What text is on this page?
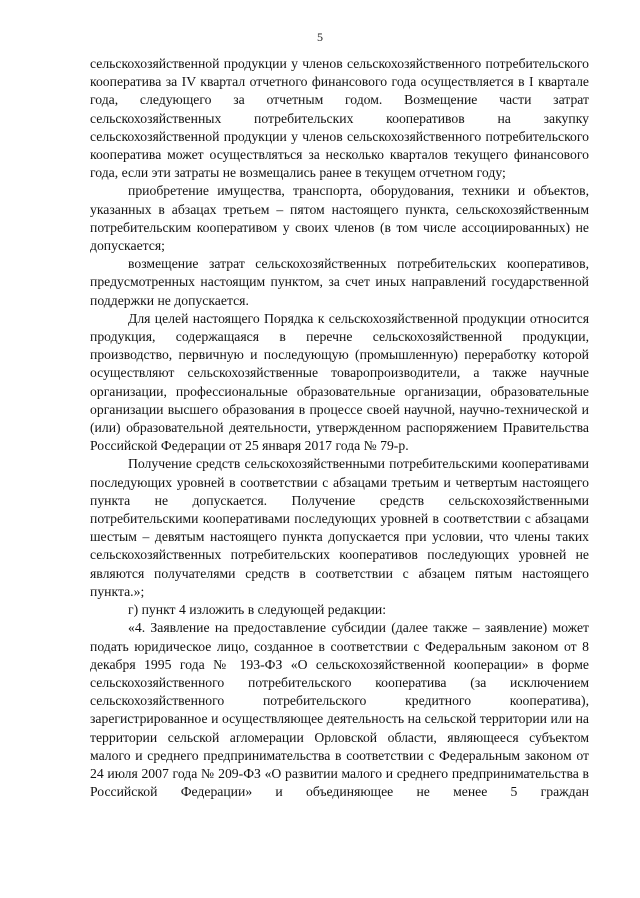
5

сельскохозяйственной продукции у членов сельскохозяйственного потребительского кооператива за IV квартал отчетного финансового года осуществляется в I квартале года, следующего за отчетным годом. Возмещение части затрат сельскохозяйственных потребительских кооперативов на закупку сельскохозяйственной продукции у членов сельскохозяйственного потребительского кооператива может осуществляться за несколько кварталов текущего финансового года, если эти затраты не возмещались ранее в текущем отчетном году;

приобретение имущества, транспорта, оборудования, техники и объектов, указанных в абзацах третьем – пятом настоящего пункта, сельскохозяйственным потребительским кооперативом у своих членов (в том числе ассоциированных) не допускается;

возмещение затрат сельскохозяйственных потребительских кооперативов, предусмотренных настоящим пунктом, за счет иных направлений государственной поддержки не допускается.

Для целей настоящего Порядка к сельскохозяйственной продукции относится продукция, содержащаяся в перечне сельскохозяйственной продукции, производство, первичную и последующую (промышленную) переработку которой осуществляют сельскохозяйственные товаропроизводители, а также научные организации, профессиональные образовательные организации, образовательные организации высшего образования в процессе своей научной, научно-технической и (или) образовательной деятельности, утвержденном распоряжением Правительства Российской Федерации от 25 января 2017 года № 79-р.

Получение средств сельскохозяйственными потребительскими кооперативами последующих уровней в соответствии с абзацами третьим и четвертым настоящего пункта не допускается. Получение средств сельскохозяйственными потребительскими кооперативами последующих уровней в соответствии с абзацами шестым – девятым настоящего пункта допускается при условии, что члены таких сельскохозяйственных потребительских кооперативов последующих уровней не являются получателями средств в соответствии с абзацем пятым настоящего пункта.»;

г) пункт 4 изложить в следующей редакции:

«4. Заявление на предоставление субсидии (далее также – заявление) может подать юридическое лицо, созданное в соответствии с Федеральным законом от 8 декабря 1995 года № 193-ФЗ «О сельскохозяйственной кооперации» в форме сельскохозяйственного потребительского кооператива (за исключением сельскохозяйственного потребительского кредитного кооператива), зарегистрированное и осуществляющее деятельность на сельской территории или на территории сельской агломерации Орловской области, являющееся субъектом малого и среднего предпринимательства в соответствии с Федеральным законом от 24 июля 2007 года № 209-ФЗ «О развитии малого и среднего предпринимательства в Российской Федерации» и объединяющее не менее 5 граждан
